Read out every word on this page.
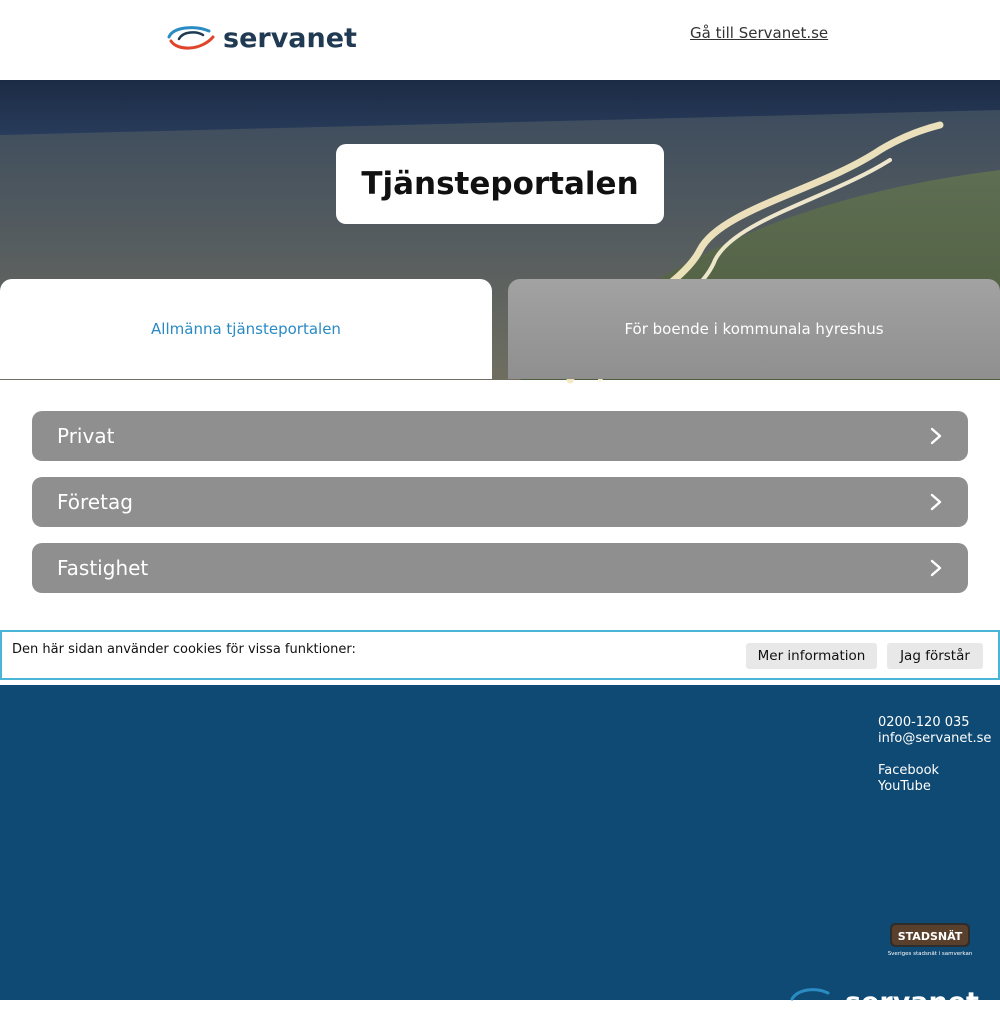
servanet	Gå till Servanet.se
Tjänsteportalen
Allmänna tjänsteportalen	För boende i kommunala hyreshus
Privat
Företag
Fastighet
Den här sidan använder cookies för vissa funktioner:	Mer information	Jag förstår
0200-120 035
info@servanet.se
Facebook
YouTube
STADSNÄT
Sveriges stadsnät i samverkan
servanet
